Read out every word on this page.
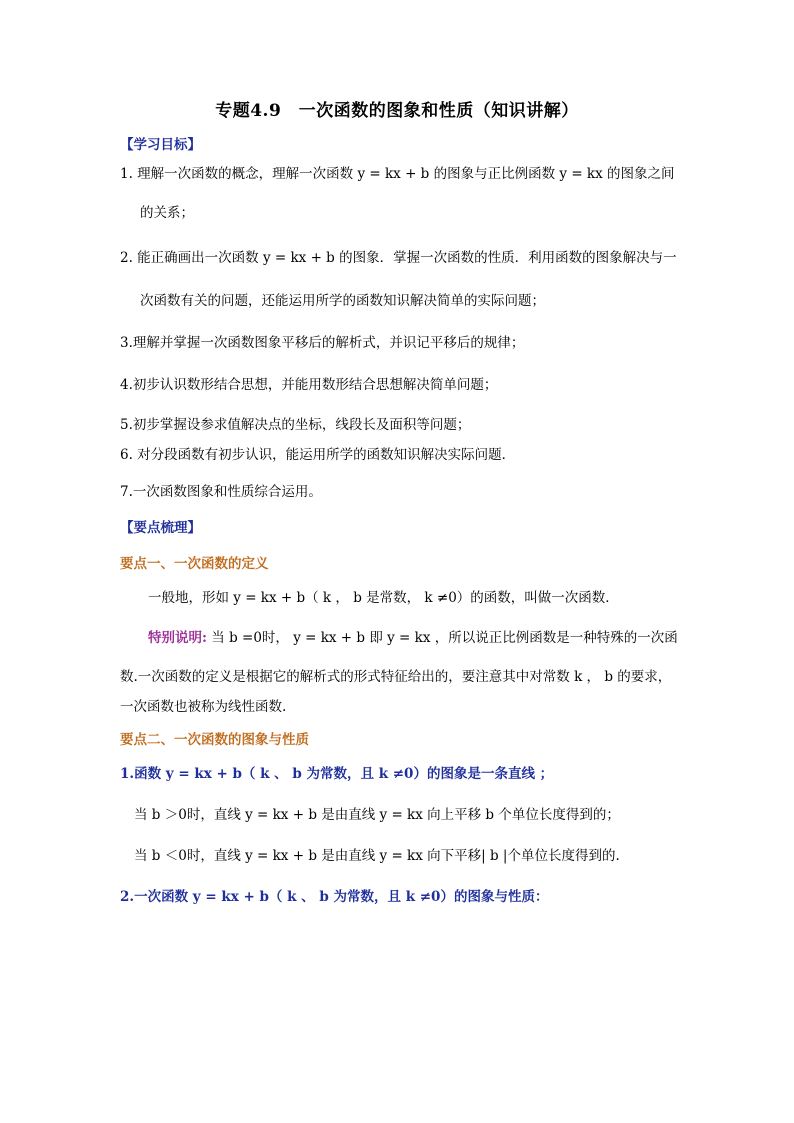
专题4.9　一次函数的图象和性质（知识讲解）
【学习目标】
1. 理解一次函数的概念，理解一次函数 y = kx + b 的图象与正比例函数 y = kx 的图象之间
的关系；
2. 能正确画出一次函数 y = kx + b 的图象．掌握一次函数的性质．利用函数的图象解决与一
次函数有关的问题，还能运用所学的函数知识解决简单的实际问题；
3.理解并掌握一次函数图象平移后的解析式，并识记平移后的规律；
4.初步认识数形结合思想，并能用数形结合思想解决简单问题；
5.初步掌握设参求值解决点的坐标，线段长及面积等问题；
6. 对分段函数有初步认识，能运用所学的函数知识解决实际问题．
7.一次函数图象和性质综合运用。
【要点梳理】
要点一、一次函数的定义
一般地，形如 y = kx + b（ k ， b 是常数， k ≠0）的函数，叫做一次函数．
特别说明: 当 b =0时， y = kx + b 即 y = kx ，所以说正比例函数是一种特殊的一次函
数.一次函数的定义是根据它的解析式的形式特征给出的，要注意其中对常数 k ， b 的要求，
一次函数也被称为线性函数.
要点二、一次函数的图象与性质
1.函数 y = kx + b（ k 、 b 为常数，且 k ≠0）的图象是一条直线 ；
当 b ＞0时，直线 y = kx + b 是由直线 y = kx 向上平移 b 个单位长度得到的；
当 b ＜0时，直线 y = kx + b 是由直线 y = kx 向下平移| b |个单位长度得到的.
2.一次函数 y = kx + b（ k 、 b 为常数，且 k ≠0）的图象与性质：
